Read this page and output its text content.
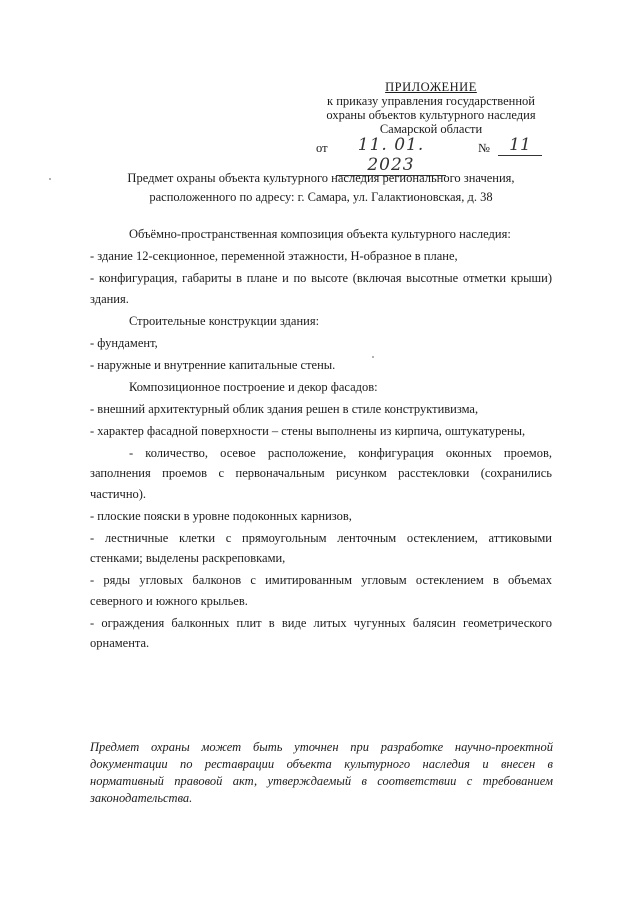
ПРИЛОЖЕНИЕ
к приказу управления государственной
охраны объектов культурного наследия
Самарской области
от	11. 01. 2023
№	11
Предмет охраны объекта культурного наследия регионального значения,
расположенного по адресу: г. Самара, ул. Галактионовская, д. 38

Объёмно-пространственная композиция объекта культурного наследия:

- здание 12-секционное, переменной этажности, Н-образное в плане,

- конфигурация, габариты в плане и по высоте (включая высотные отметки крыши) здания.

Строительные конструкции здания:

- фундамент,

- наружные и внутренние капитальные стены.

Композиционное построение и декор фасадов:

- внешний архитектурный облик здания решен в стиле конструктивизма,

- характер фасадной поверхности – стены выполнены из кирпича, оштукатурены,

- количество, осевое расположение, конфигурация оконных проемов, заполнения проемов с первоначальным рисунком расстекловки (сохранились частично).

- плоские пояски в уровне подоконных карнизов,

- лестничные клетки с прямоугольным ленточным остеклением, аттиковыми стенками; выделены раскреповками,

- ряды угловых балконов с имитированным угловым остеклением в объемах северного и южного крыльев.

- ограждения балконных плит в виде литых чугунных балясин геометрического орнамента.

Предмет охраны может быть уточнен при разработке научно-проектной документации по реставрации объекта культурного наследия и внесен в нормативный правовой акт, утверждаемый в соответствии с требованием законодательства.
